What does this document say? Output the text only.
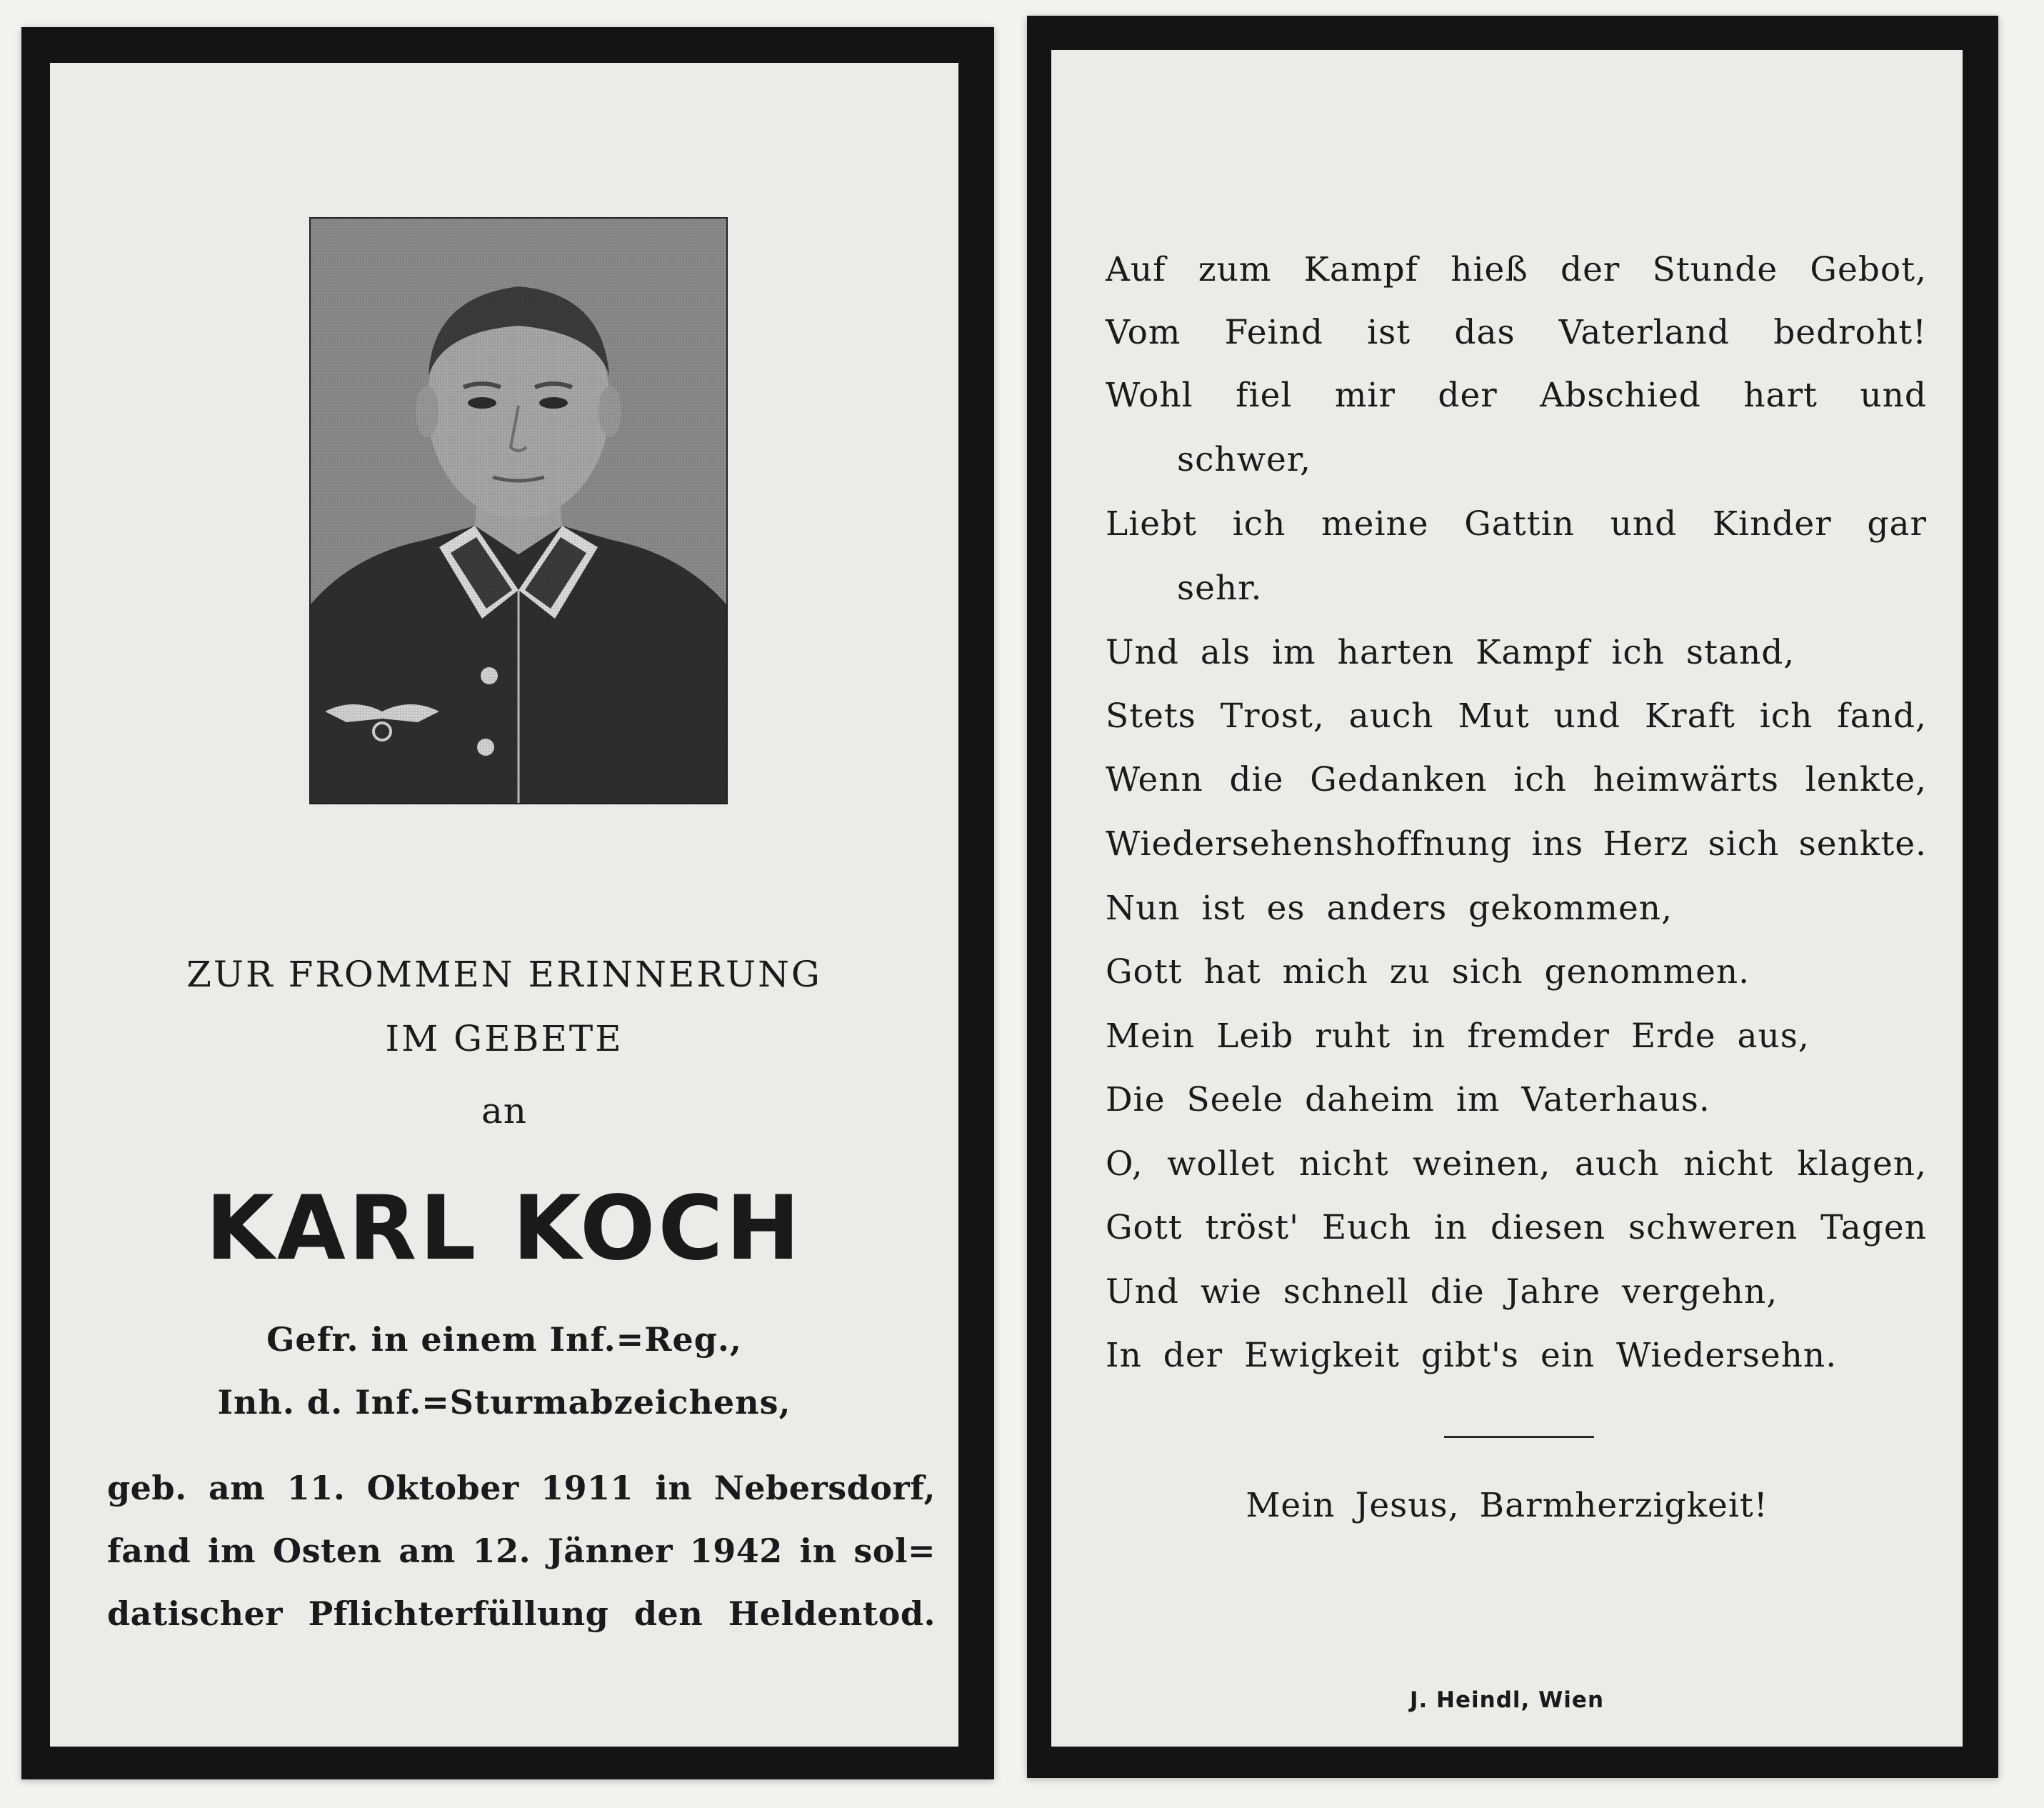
ZUR FROMMEN ERINNERUNG
IM GEBETE
an
KARL KOCH
Gefr. in einem Inf.=Reg.,
Inh. d. Inf.=Sturmabzeichens,
geb. am 11. Oktober 1911 in Nebersdorf,
fand im Osten am 12. Jänner 1942 in sol=
datischer Pflichterfüllung den Heldentod.
Auf zum Kampf hieß der Stunde Gebot,
Vom Feind ist das Vaterland bedroht!
Wohl fiel mir der Abschied hart und
schwer,
Liebt ich meine Gattin und Kinder gar
sehr.
Und als im harten Kampf ich stand,
Stets Trost, auch Mut und Kraft ich fand,
Wenn die Gedanken ich heimwärts lenkte,
Wiedersehenshoffnung ins Herz sich senkte.
Nun ist es anders gekommen,
Gott hat mich zu sich genommen.
Mein Leib ruht in fremder Erde aus,
Die Seele daheim im Vaterhaus.
O, wollet nicht weinen, auch nicht klagen,
Gott tröst' Euch in diesen schweren Tagen
Und wie schnell die Jahre vergehn,
In der Ewigkeit gibt's ein Wiedersehn.
Mein Jesus, Barmherzigkeit!
J. Heindl, Wien
